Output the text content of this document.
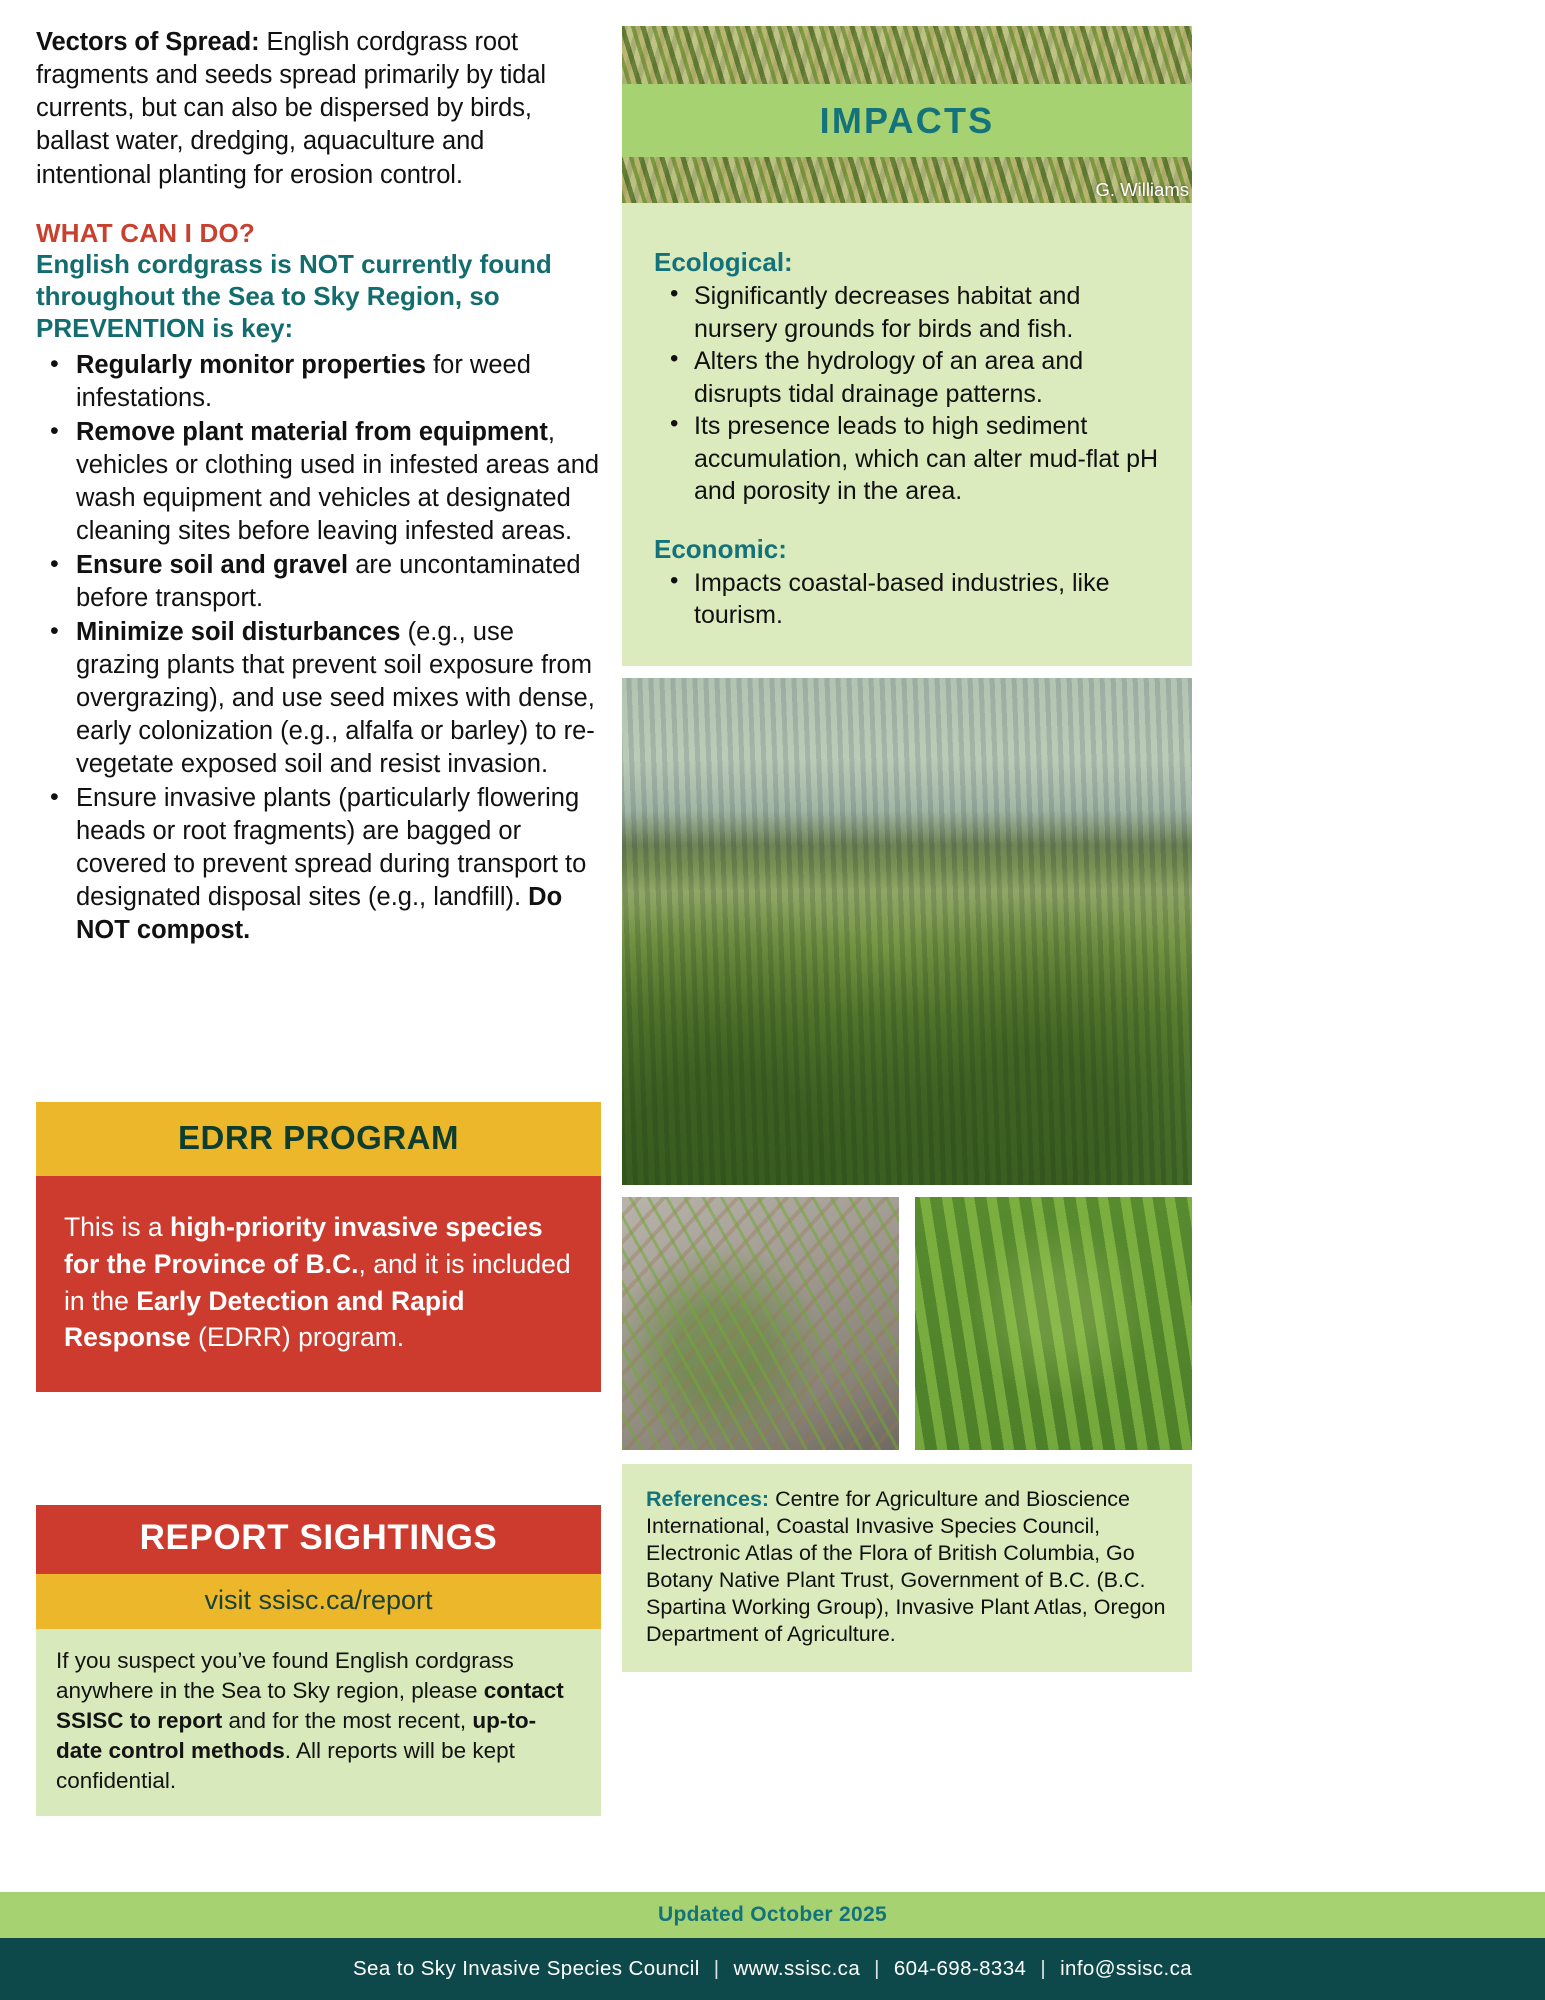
Vectors of Spread: English cordgrass root fragments and seeds spread primarily by tidal currents, but can also be dispersed by birds, ballast water, dredging, aquaculture and intentional planting for erosion control.

WHAT CAN I DO?
English cordgrass is NOT currently found throughout the Sea to Sky Region, so PREVENTION is key:
• Regularly monitor properties for weed infestations.
• Remove plant material from equipment, vehicles or clothing used in infested areas and wash equipment and vehicles at designated cleaning sites before leaving infested areas.
• Ensure soil and gravel are uncontaminated before transport.
• Minimize soil disturbances (e.g., use grazing plants that prevent soil exposure from overgrazing), and use seed mixes with dense, early colonization (e.g., alfalfa or barley) to re-vegetate exposed soil and resist invasion.
• Ensure invasive plants (particularly flowering heads or root fragments) are bagged or covered to prevent spread during transport to designated disposal sites (e.g., landfill). Do NOT compost.
EDRR PROGRAM
This is a high-priority invasive species for the Province of B.C., and it is included in the Early Detection and Rapid Response (EDRR) program.
REPORT SIGHTINGS
visit ssisc.ca/report
If you suspect you’ve found English cordgrass anywhere in the Sea to Sky region, please contact SSISC to report and for the most recent, up-to-date control methods. All reports will be kept confidential.
IMPACTS
G. Williams
Ecological:
• Significantly decreases habitat and nursery grounds for birds and fish.
• Alters the hydrology of an area and disrupts tidal drainage patterns.
• Its presence leads to high sediment accumulation, which can alter mud-flat pH and porosity in the area.
Economic:
• Impacts coastal-based industries, like tourism.
References: Centre for Agriculture and Bioscience International, Coastal Invasive Species Council, Electronic Atlas of the Flora of British Columbia, Go Botany Native Plant Trust, Government of B.C. (B.C. Spartina Working Group), Invasive Plant Atlas, Oregon Department of Agriculture.
Updated October 2025
Sea to Sky Invasive Species Council | www.ssisc.ca | 604-698-8334 | info@ssisc.ca
